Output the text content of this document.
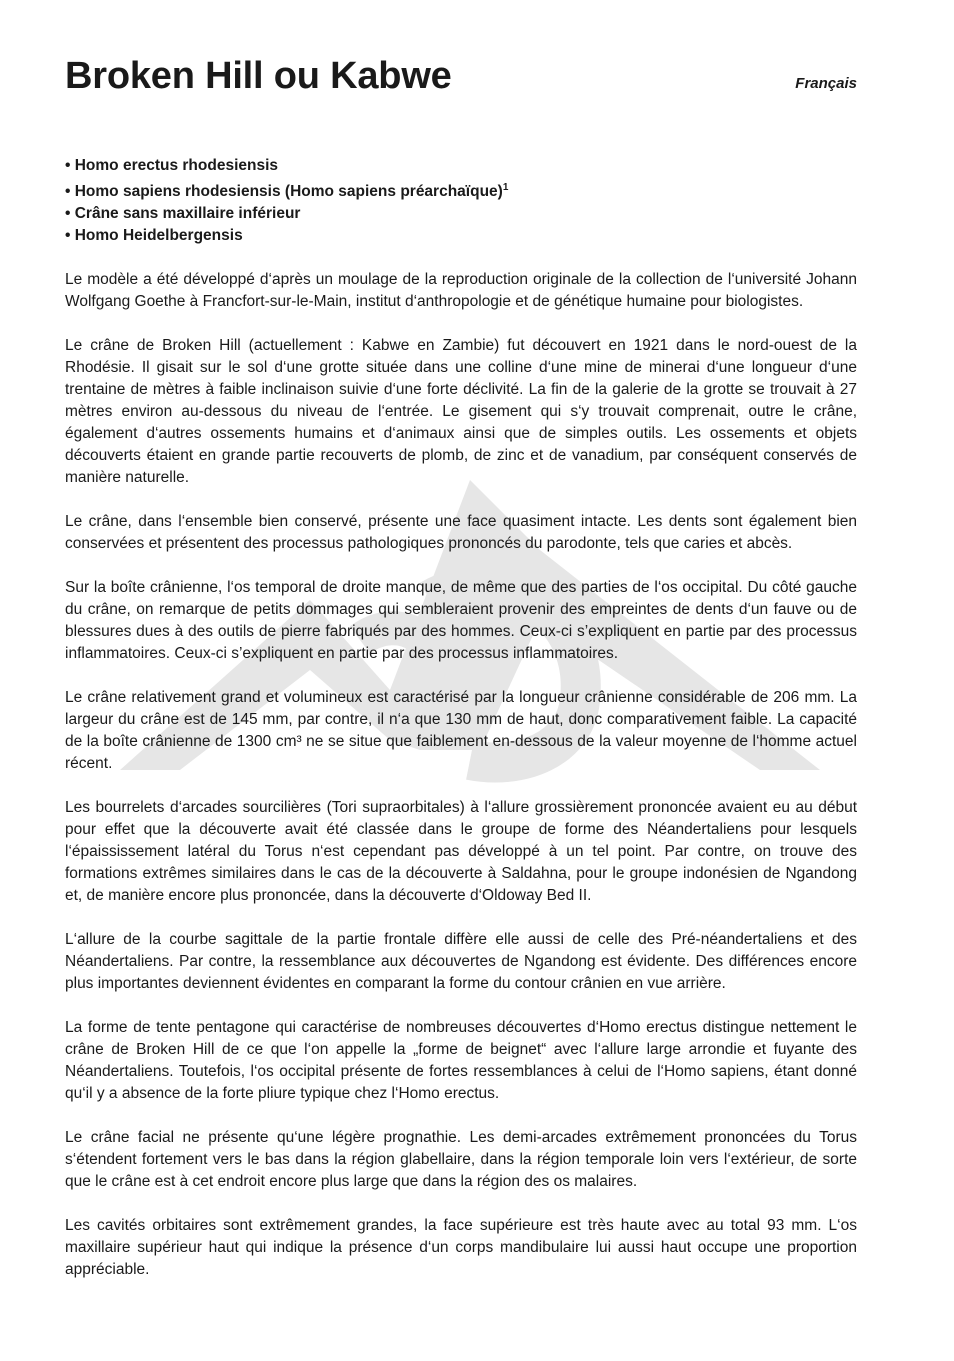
Broken Hill ou Kabwe	Français
• Homo erectus rhodesiensis
• Homo sapiens rhodesiensis (Homo sapiens préarchaïque)$^1$
• Crâne sans maxillaire inférieur
• Homo Heidelbergensis

Le modèle a été développé d‘après un moulage de la reproduction originale de la collection de l‘université Johann Wolfgang Goethe à Francfort-sur-le-Main, institut d‘anthropologie et de génétique humaine pour biologistes.

Le crâne de Broken Hill (actuellement : Kabwe en Zambie) fut découvert en 1921 dans le nord-ouest de la Rhodésie. Il gisait sur le sol d‘une grotte située dans une colline d‘une mine de minerai d‘une longueur d‘une trentaine de mètres à faible inclinaison suivie d‘une forte déclivité. La fin de la galerie de la grotte se trouvait à 27 mètres environ au-dessous du niveau de l‘entrée. Le gisement qui s‘y trouvait comprenait, outre le crâne, également d‘autres ossements humains et d‘animaux ainsi que de simples outils. Les ossements et objets découverts étaient en grande partie recouverts de plomb, de zinc et de vanadium, par conséquent conservés de manière naturelle.

Le crâne, dans l‘ensemble bien conservé, présente une face quasiment intacte. Les dents sont également bien conservées et présentent des processus pathologiques prononcés du parodonte, tels que caries et abcès.

Sur la boîte crânienne, l‘os temporal de droite manque, de même que des parties de l‘os occipital. Du côté gauche du crâne, on remarque de petits dommages qui sembleraient provenir des empreintes de dents d‘un fauve ou de blessures dues à des outils de pierre fabriqués par des hommes. Ceux-ci s’expliquent en partie par des processus inflammatoires. Ceux-ci s’expliquent en partie par des processus inflammatoires.

Le crâne relativement grand et volumineux est caractérisé par la longueur crânienne considérable de 206 mm. La largeur du crâne est de 145 mm, par contre, il n‘a que 130 mm de haut, donc comparativement faible. La capacité de la boîte crânienne de 1300 cm³ ne se situe que faiblement en-dessous de la valeur moyenne de l‘homme actuel récent.

Les bourrelets d‘arcades sourcilières (Tori supraorbitales) à l‘allure grossièrement prononcée avaient eu au début pour effet que la découverte avait été classée dans le groupe de forme des Néandertaliens pour lesquels l‘épaississement latéral du Torus n‘est cependant pas développé à un tel point. Par contre, on trouve des formations extrêmes similaires dans le cas de la découverte à Saldahna, pour le groupe indonésien de Ngandong et, de manière encore plus prononcée, dans la découverte d‘Oldoway Bed II.

L‘allure de la courbe sagittale de la partie frontale diffère elle aussi de celle des Pré-néandertaliens et des Néandertaliens. Par contre, la ressemblance aux découvertes de Ngandong est évidente. Des différences encore plus importantes deviennent évidentes en comparant la forme du contour crânien en vue arrière.

La forme de tente pentagone qui caractérise de nombreuses découvertes d‘Homo erectus distingue nettement le crâne de Broken Hill de ce que l‘on appelle la „forme de beignet“ avec l‘allure large arrondie et fuyante des Néandertaliens. Toutefois, l‘os occipital présente de fortes ressemblances à celui de l‘Homo sapiens, étant donné qu‘il y a absence de la forte pliure typique chez l‘Homo erectus.

Le crâne facial ne présente qu‘une légère prognathie. Les demi-arcades extrêmement prononcées du Torus s‘étendent fortement vers le bas dans la région glabellaire, dans la région temporale loin vers l‘extérieur, de sorte que le crâne est à cet endroit encore plus large que dans la région des os malaires.

Les cavités orbitaires sont extrêmement grandes, la face supérieure est très haute avec au total 93 mm. L‘os maxillaire supérieur haut qui indique la présence d‘un corps mandibulaire lui aussi haut occupe une proportion appréciable.
